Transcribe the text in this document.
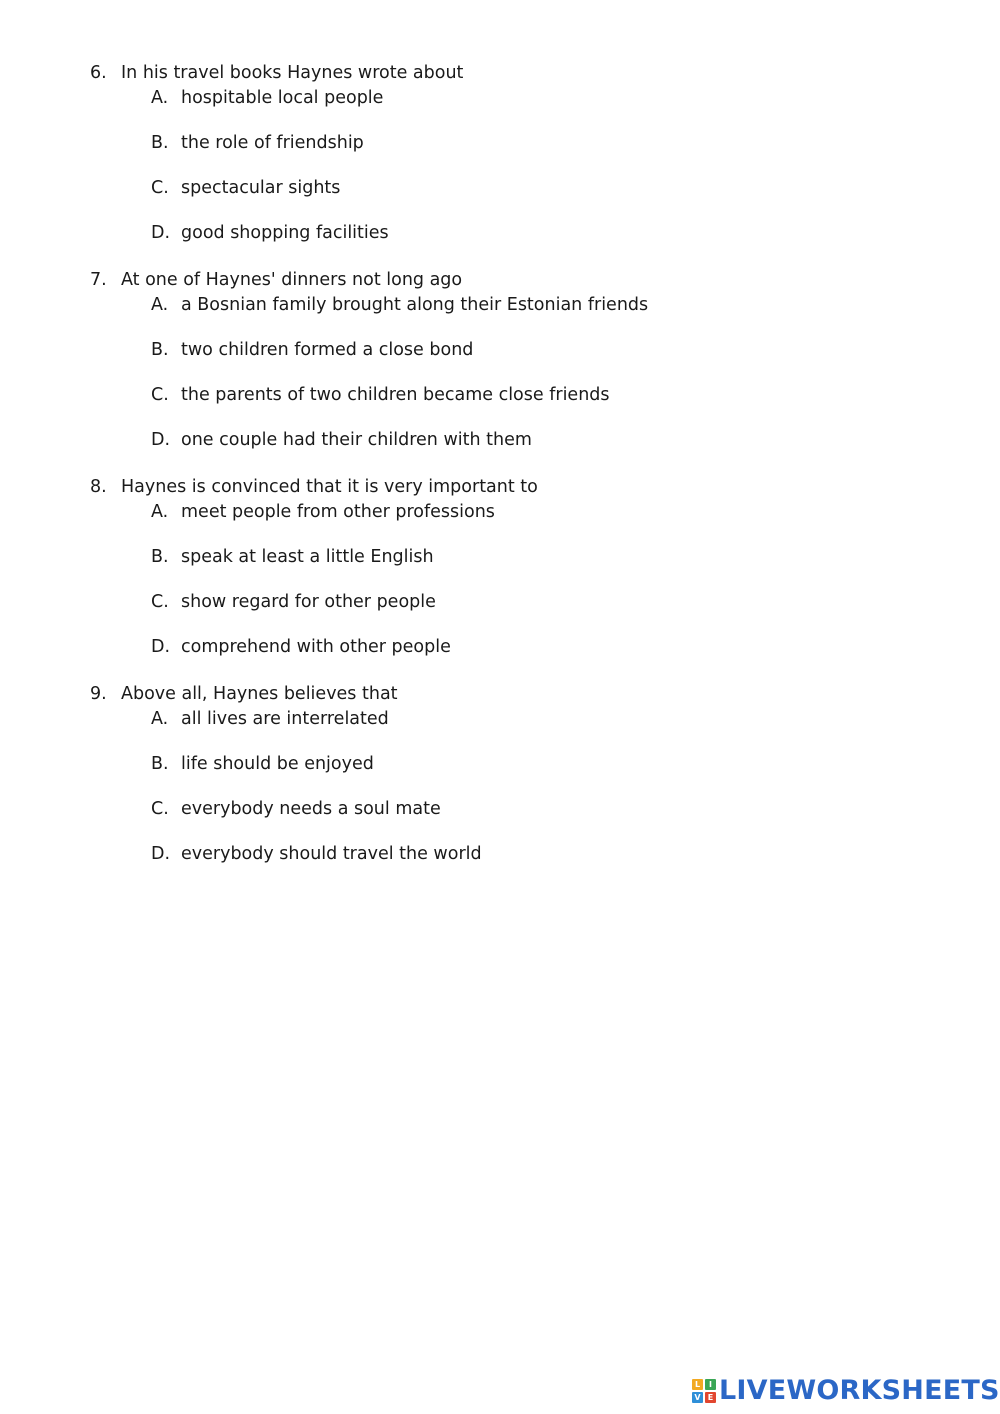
6. In his travel books Haynes wrote about
A. hospitable local people
B. the role of friendship
C. spectacular sights
D. good shopping facilities
7. At one of Haynes' dinners not long ago
A. a Bosnian family brought along their Estonian friends
B. two children formed a close bond
C. the parents of two children became close friends
D. one couple had their children with them
8. Haynes is convinced that it is very important to
A. meet people from other professions
B. speak at least a little English
C. show regard for other people
D. comprehend with other people
9. Above all, Haynes believes that
A. all lives are interrelated
B. life should be enjoyed
C. everybody needs a soul mate
D. everybody should travel the world
L	I
V E LIVEWORKSHEETS
